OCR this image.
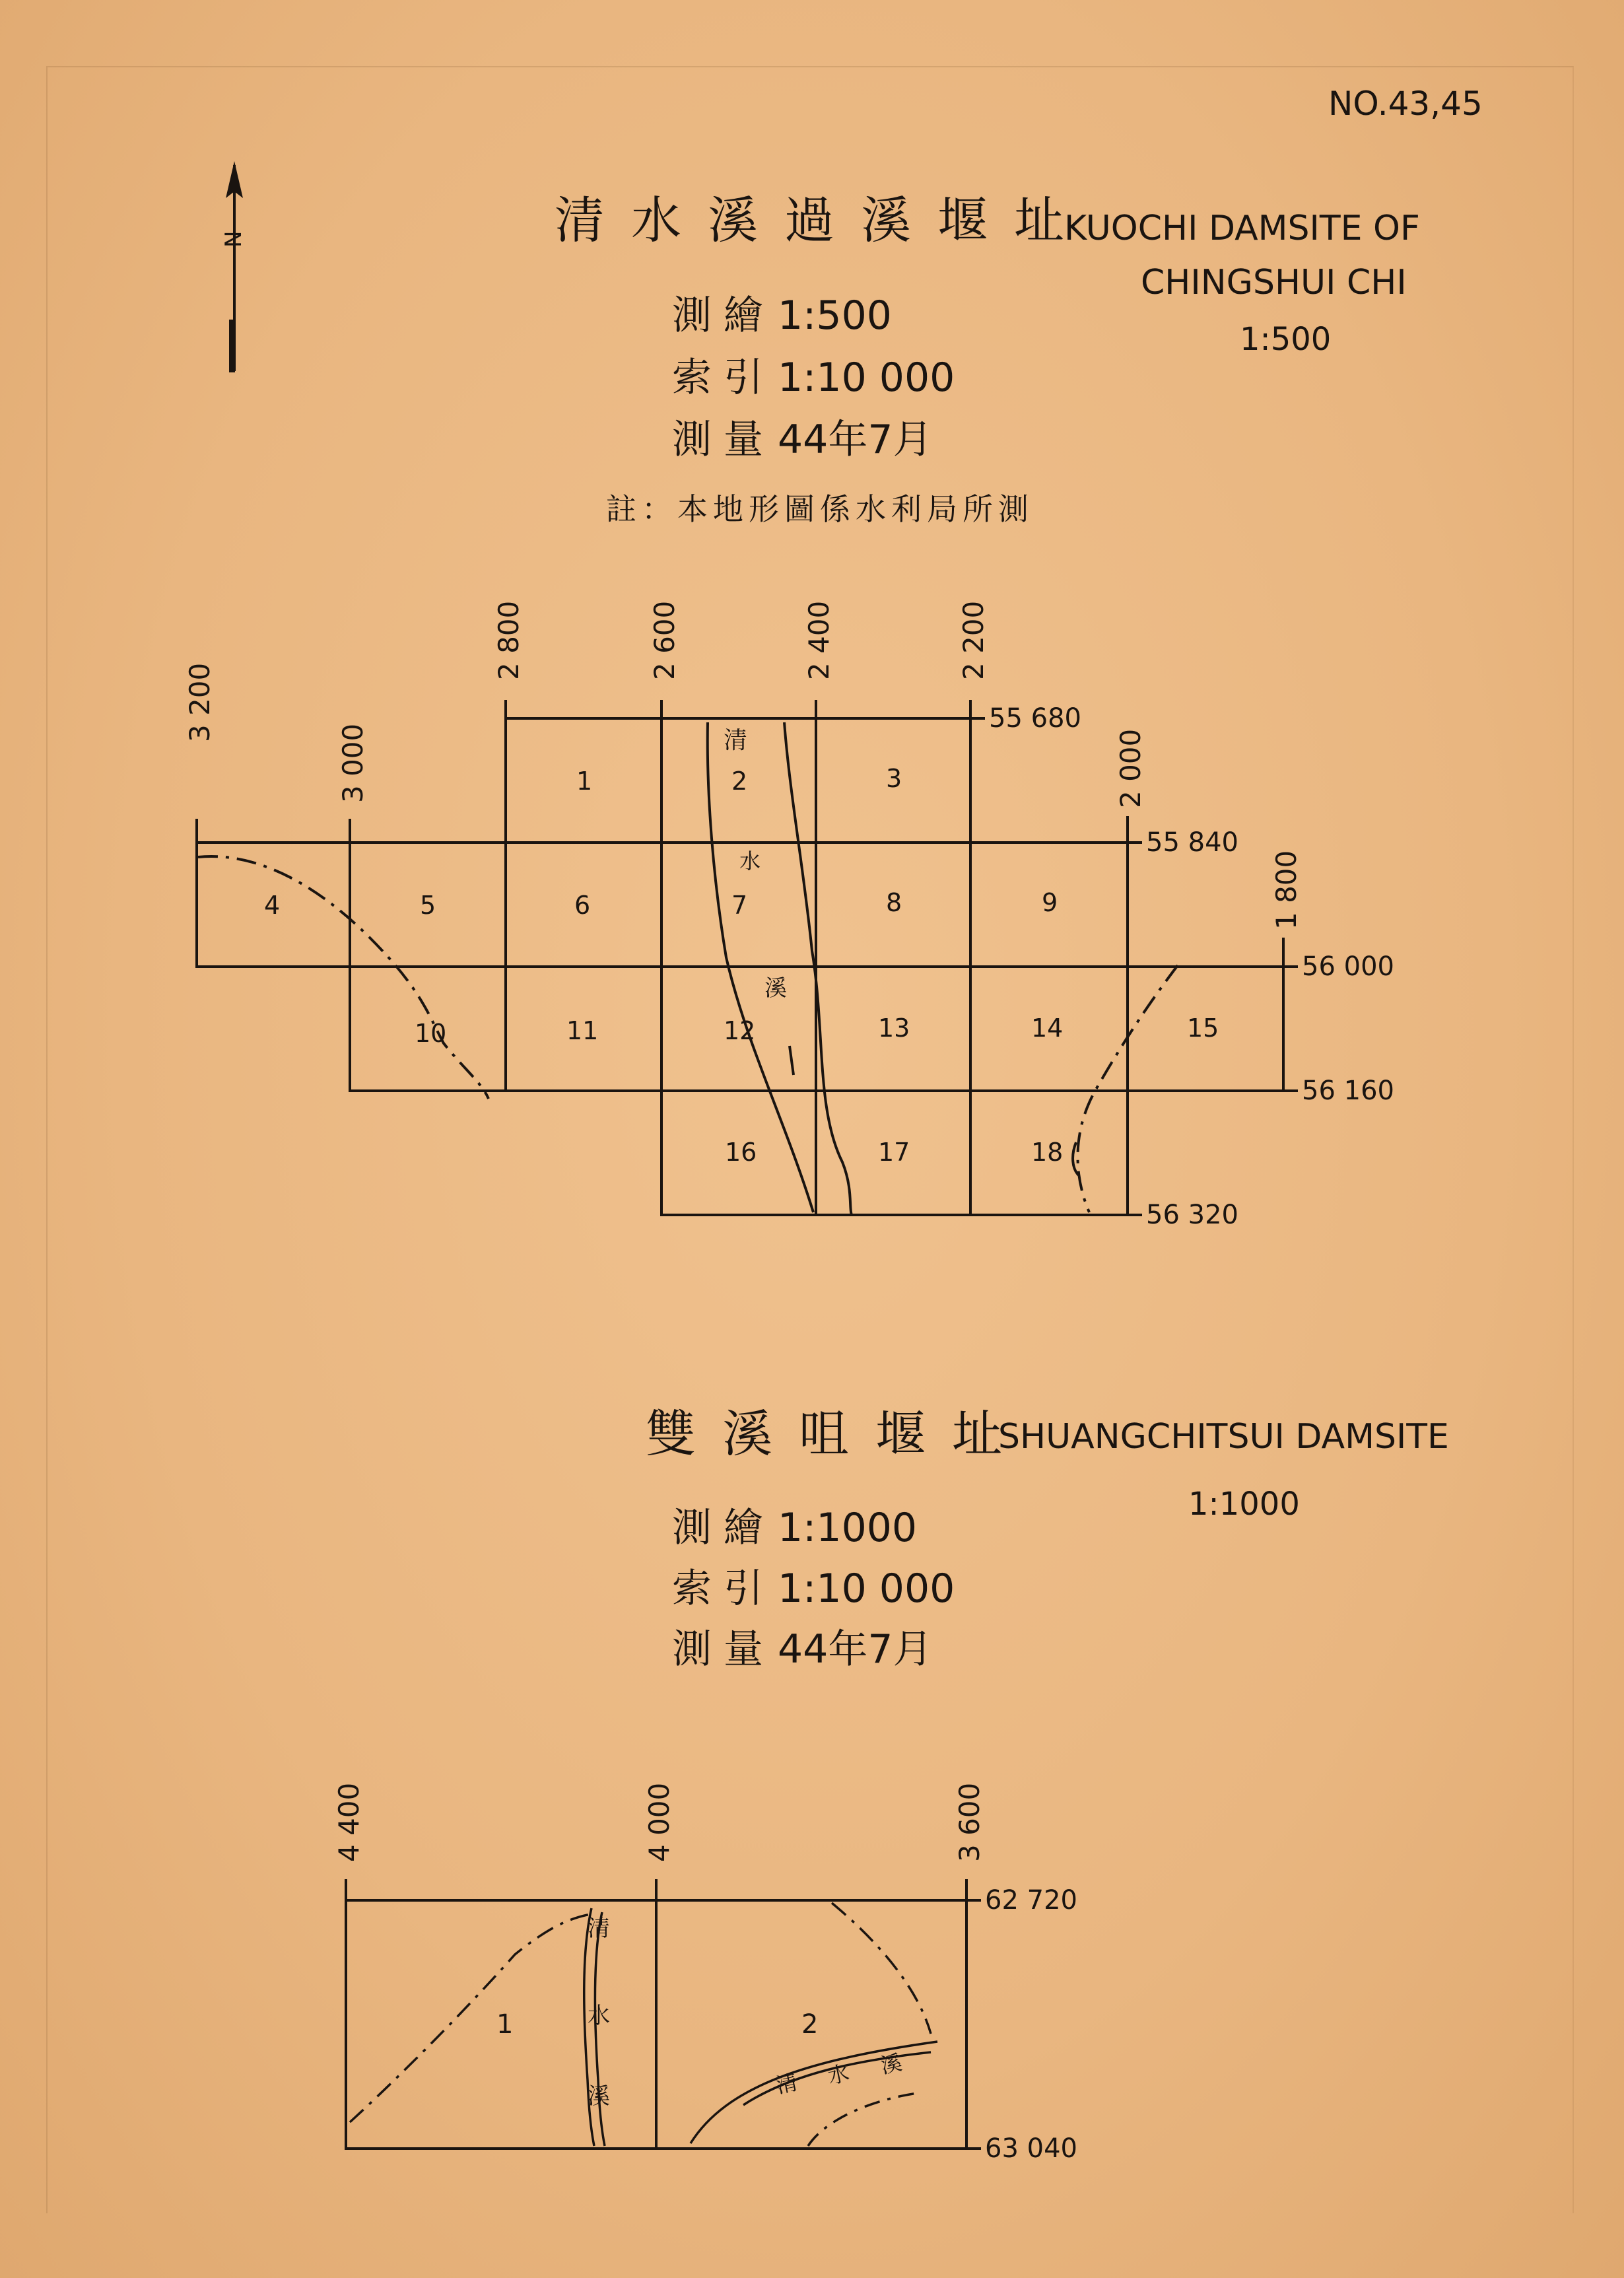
NO.43,45
清水溪過溪堰址
KUOCHI DAMSITE OF
CHINGSHUI CHI
1:500
測繪1:500
索引1:10 000
測量44年7月
註：本地形圖係水利局所測
雙溪咀堰址
SHUANGCHITSUI DAMSITE
1:1000
測繪1:1000
索引1:10 000
測量44年7月
N
3 200
3 000
2 800	2 600	2 400	2 200
2 000
1 800
55 680
55 840
56 000
56 160
56 320
1	2	3
4	5	6	7	8	9
10	11	12	13	14	15
16	17	18
清
水
溪
4 400	4 000	3 600
62 720
63 040
1	2
清
水
溪	清 水 溪
